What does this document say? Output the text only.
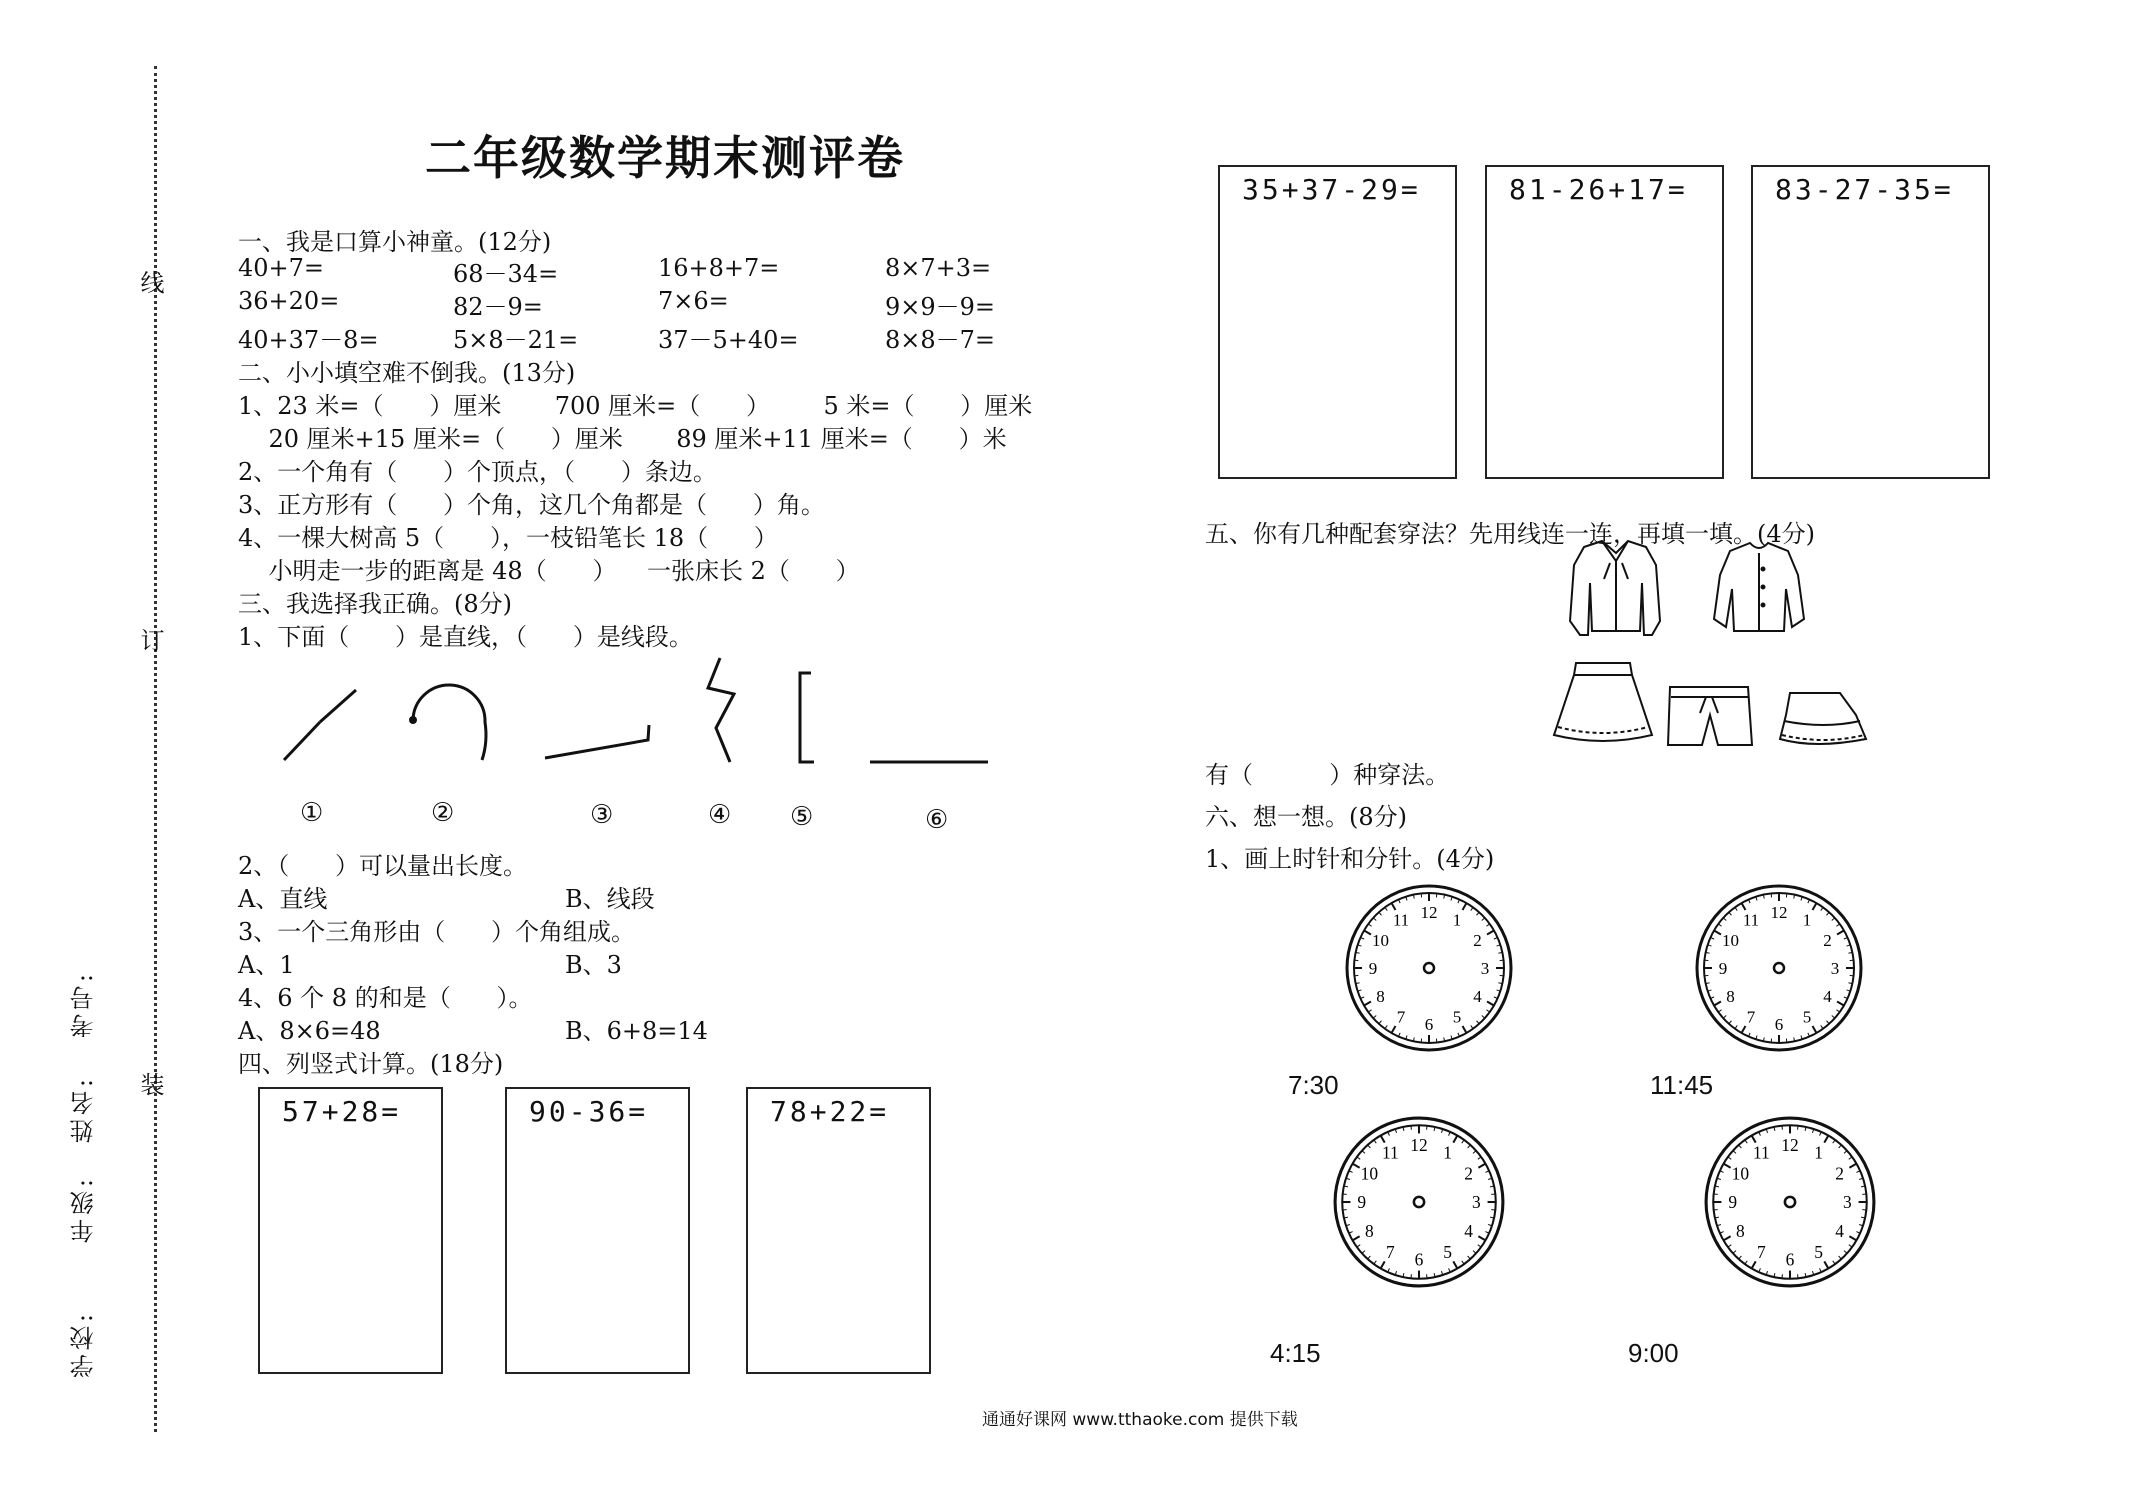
线
订
装
学校:
年级:
姓名:
考号:
二年级数学期末测评卷
一、我是口算小神童。(12分)
40+7=	68－34=	16+8+7=	8×7+3=
36+20=	82－9=	7×6=	9×9－9=
40+37－8=	5×8－21=	37－5+40=	8×8－7=
二、小小填空难不倒我。(13分)
1、23 米=（      ）厘米       700 厘米=（      ）       5 米=（      ）厘米
20 厘米+15 厘米=（      ）厘米       89 厘米+11 厘米=（      ）米
2、一个角有（      ）个顶点，（      ）条边。
3、正方形有（      ）个角，这几个角都是（      ）角。
4、一棵大树高 5（      ），一枝铅笔长 18（      ）
小明走一步的距离是 48（      ）    一张床长 2（      ）
三、我选择我正确。(8分)
1、下面（      ）是直线，（      ）是线段。
①	②	③	④ ⑤	⑥
2、（      ）可以量出长度。
A、直线	B、线段
3、一个三角形由（      ）个角组成。
A、1	B、3
4、6 个 8 的和是（      ）。
A、8×6=48	B、6+8=14
四、列竖式计算。(18分)
57+28=	90-36=	78+22=
35+37-29=	81-26+17=	83-27-35=
五、你有几种配套穿法？先用线连一连，再填一填。(4分)
有（          ）种穿法。
六、想一想。(8分)
1、画上时针和分针。(4分)
12 1
2
3
4
5
6
7
8
9
10
11	12 1
2
3
4
5
6
7
8
9
10
11
12 1
2
3
4
5
6
7
8
9
10
11	12 1
2
3
4
5
6
7
8
9
10
11
7:30	11:45
4:15	9:00
通通好课网 www.tthaoke.com 提供下载
